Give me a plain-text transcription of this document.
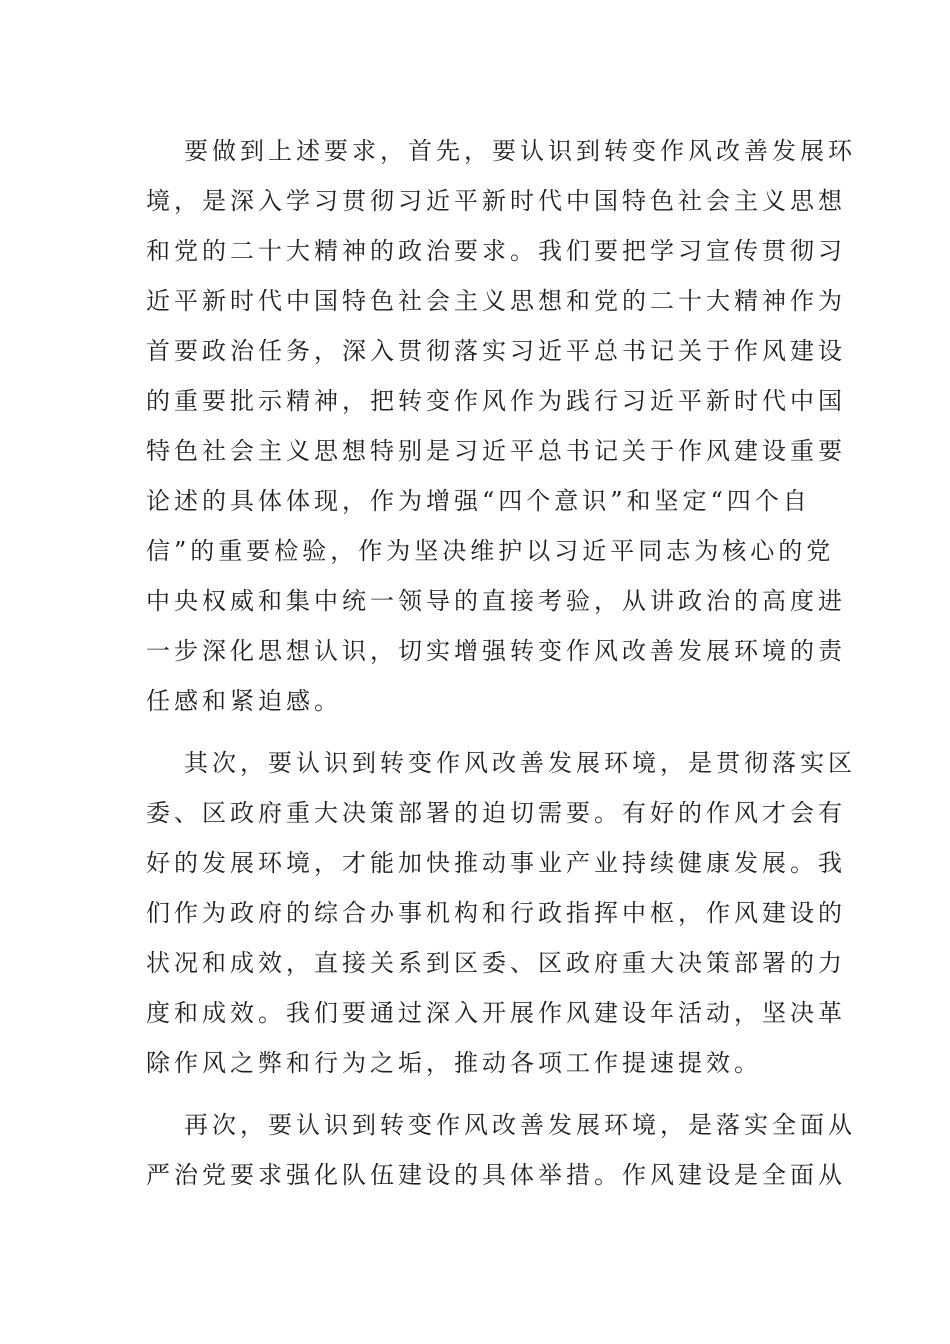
要做到上述要求，首先，要认识到转变作风改善发展环
境，是深入学习贯彻习近平新时代中国特色社会主义思想
和党的二十大精神的政治要求。我们要把学习宣传贯彻习
近平新时代中国特色社会主义思想和党的二十大精神作为
首要政治任务，深入贯彻落实习近平总书记关于作风建设
的重要批示精神，把转变作风作为践行习近平新时代中国
特色社会主义思想特别是习近平总书记关于作风建设重要
论述的具体体现，作为增强“四个意识”和坚定“四个自
信”的重要检验，作为坚决维护以习近平同志为核心的党
中央权威和集中统一领导的直接考验，从讲政治的高度进
一步深化思想认识，切实增强转变作风改善发展环境的责
任感和紧迫感。
其次，要认识到转变作风改善发展环境，是贯彻落实区
委、区政府重大决策部署的迫切需要。有好的作风才会有
好的发展环境，才能加快推动事业产业持续健康发展。我
们作为政府的综合办事机构和行政指挥中枢，作风建设的
状况和成效，直接关系到区委、区政府重大决策部署的力
度和成效。我们要通过深入开展作风建设年活动，坚决革
除作风之弊和行为之垢，推动各项工作提速提效。
再次，要认识到转变作风改善发展环境，是落实全面从
严治党要求强化队伍建设的具体举措。作风建设是全面从
